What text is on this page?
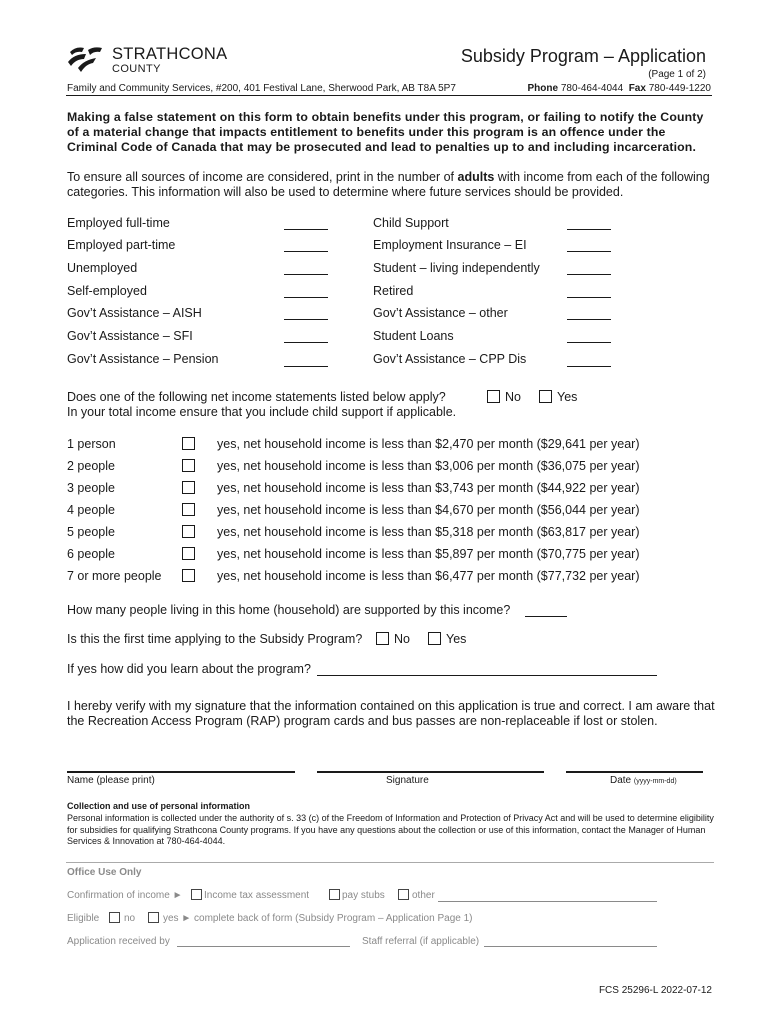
STRATHCONA
COUNTY
Subsidy Program – Application
(Page 1 of 2)
Family and Community Services, #200, 401 Festival Lane, Sherwood Park, AB T8A 5P7	Phone 780-464-4044 Fax 780-449-1220
Making a false statement on this form to obtain benefits under this program, or failing to notify the County of a material change that impacts entitlement to benefits under this program is an offence under the Criminal Code of Canada that may be prosecuted and lead to penalties up to and including incarceration.
To ensure all sources of income are considered, print in the number of adults with income from each of the following categories. This information will also be used to determine where future services should be provided.
Employed full-time	Child Support
Employed part-time	Employment Insurance – EI
Unemployed	Student – living independently
Self-employed	Retired
Gov’t Assistance – AISH	Gov’t Assistance – other
Gov’t Assistance – SFI	Student Loans
Gov’t Assistance – Pension	Gov’t Assistance – CPP Dis
Does one of the following net income statements listed below apply?	No	Yes
In your total income ensure that you include child support if applicable.
1 person	yes, net household income is less than $2,470 per month ($29,641 per year)
2 people	yes, net household income is less than $3,006 per month ($36,075 per year)
3 people	yes, net household income is less than $3,743 per month ($44,922 per year)
4 people	yes, net household income is less than $4,670 per month ($56,044 per year)
5 people	yes, net household income is less than $5,318 per month ($63,817 per year)
6 people	yes, net household income is less than $5,897 per month ($70,775 per year)
7 or more people	yes, net household income is less than $6,477 per month ($77,732 per year)
How many people living in this home (household) are supported by this income?
Is this the first time applying to the Subsidy Program?	No	Yes
If yes how did you learn about the program?
I hereby verify with my signature that the information contained on this application is true and correct. I am aware that the Recreation Access Program (RAP) program cards and bus passes are non-replaceable if lost or stolen.
Name (please print)	Signature	Date (yyyy-mm-dd)
Collection and use of personal information
Personal information is collected under the authority of s. 33 (c) of the Freedom of Information and Protection of Privacy Act and will be used to determine eligibility for subsidies for qualifying Strathcona County programs. If you have any questions about the collection or use of this information, contact the Manager of Human Services & Innovation at 780-464-4044.
Office Use Only
Confirmation of income ► Income tax assessment	pay stubs	other
Eligible no	yes ► complete back of form (Subsidy Program – Application Page 1)
Application received by	Staff referral (if applicable)
FCS 25296-L 2022-07-12
